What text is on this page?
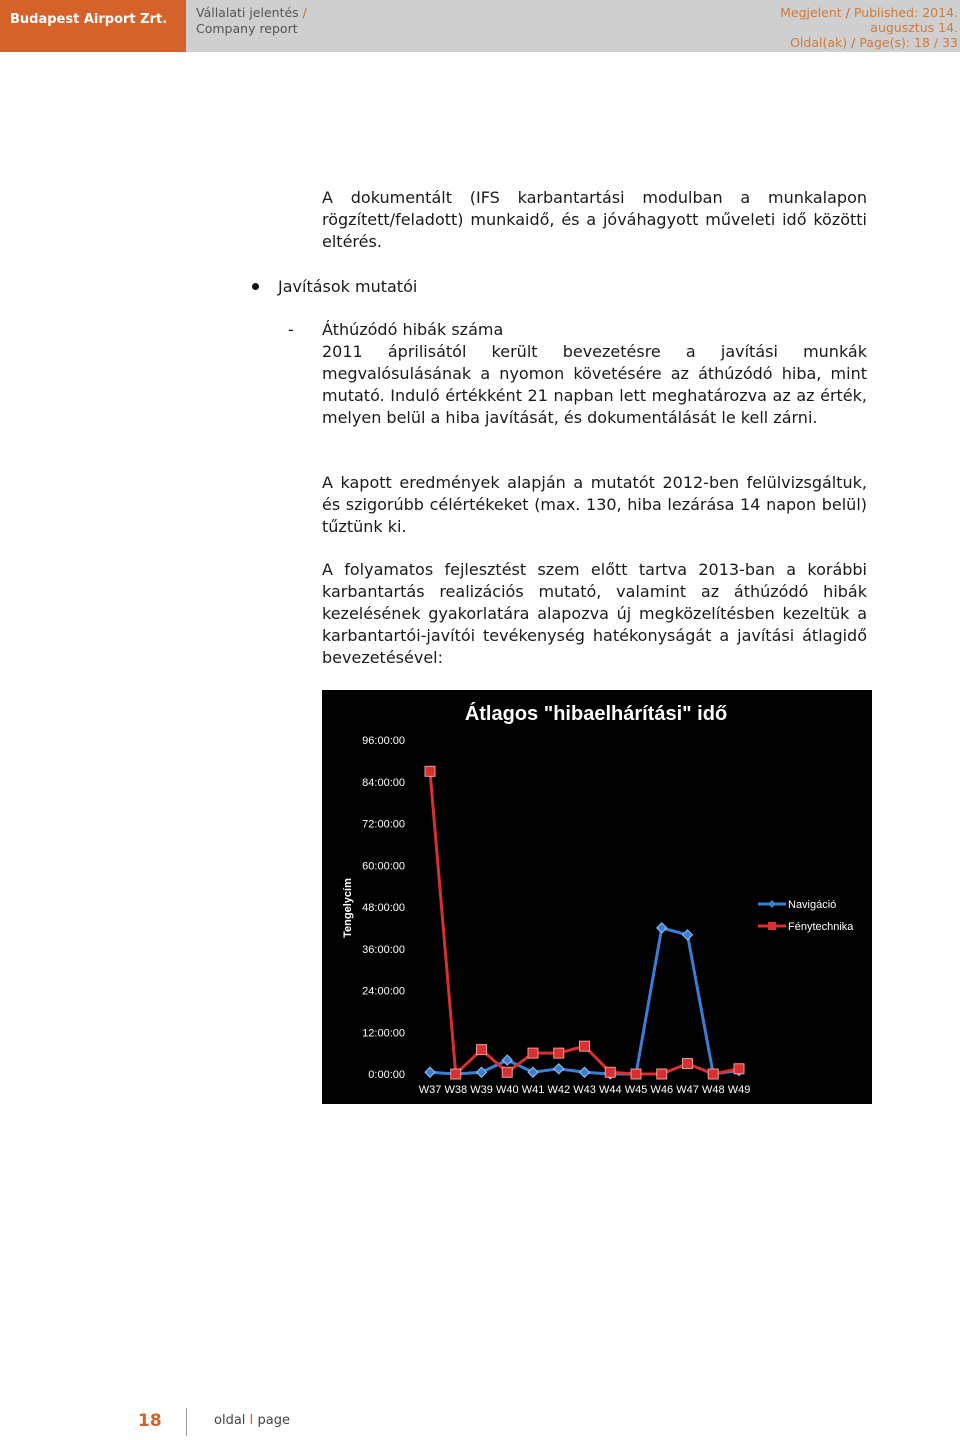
Budapest Airport Zrt.	Vállalati jelentés /
Company report
Megjelent / Published: 2014.
augusztus 14.
Oldal(ak) / Page(s): 18 / 33
A dokumentált (IFS karbantartási modulban a munkalapon rögzített/feladott) munkaidő, és a jóváhagyott műveleti idő közötti eltérés.
Javítások mutatói
- Áthúzódó hibák száma
2011 áprilisától került bevezetésre a javítási munkák megvalósulásának a nyomon követésére az áthúzódó hiba, mint mutató. Induló értékként 21 napban lett meghatározva az az érték, melyen belül a hiba javítását, és dokumentálását le kell zárni.
A kapott eredmények alapján a mutatót 2012-ben felülvizsgáltuk, és szigorúbb célértékeket (max. 130, hiba lezárása 14 napon belül) tűztünk ki.
A folyamatos fejlesztést szem előtt tartva 2013-ban a korábbi karbantartás realizációs mutató, valamint az áthúzódó hibák kezelésének gyakorlatára alapozva új megközelítésben kezeltük a karbantartói-javítói tevékenység hatékonyságát a javítási átlagidő bevezetésével:
Átlagos "hibaelhárítási" idő
Tengelycím
0:00:00
12:00:00
24:00:00
36:00:00
48:00:00
60:00:00
72:00:00
84:00:00
96:00:00
W37 W38 W39 W40 W41 W42 W43 W44 W45 W46 W47 W48 W49
Navigáció
Fénytechnika
18	oldal I page
